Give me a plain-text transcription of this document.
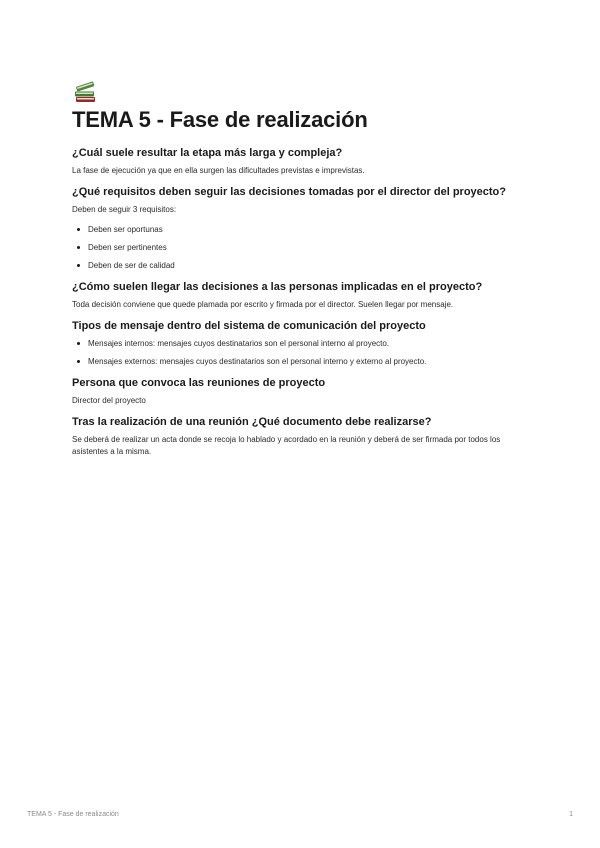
TEMA 5 - Fase de realización
¿Cuál suele resultar la etapa más larga y compleja?

La fase de ejecución ya que en ella surgen las dificultades previstas e imprevistas.

¿Qué requisitos deben seguir las decisiones tomadas por el director del proyecto?

Deben de seguir 3 requisitos:

Deben ser oportunas
Deben ser pertinentes
Deben de ser de calidad
¿Cómo suelen llegar las decisiones a las personas implicadas en el proyecto?

Toda decisión conviene que quede plamada por escrito y firmada por el director. Suelen llegar por mensaje.

Tipos de mensaje dentro del sistema de comunicación del proyecto
Mensajes internos: mensajes cuyos destinatarios son el personal interno al proyecto.
Mensajes externos: mensajes cuyos destinatarios son el personal interno y externo al proyecto.
Persona que convoca las reuniones de proyecto

Director del proyecto

Tras la realización de una reunión ¿Qué documento debe realizarse?

Se deberá de realizar un acta donde se recoja lo hablado y acordado en la reunión y deberá de ser firmada por todos los asistentes a la misma.

TEMA 5 - Fase de realización	1
